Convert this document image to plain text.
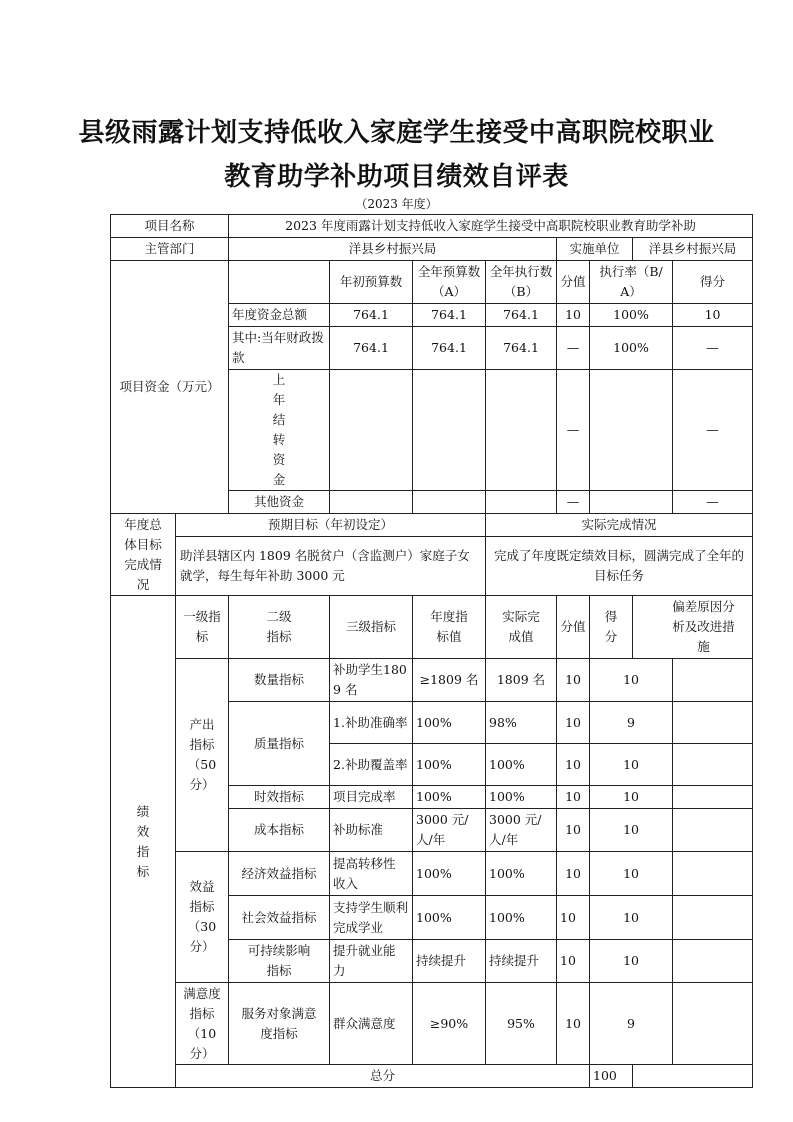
县级雨露计划支持低收入家庭学生接受中高职院校职业
教育助学补助项目绩效自评表
（2023 年度）
项目名称		2023 年度雨露计划支持低收入家庭学生接受中高职院校职业教育助学补助								
主管部门		洋县乡村振兴局				实施单位		洋县乡村振兴局		
项目资金（万元）			年初预算数	全年预算数（A）	全年执行数（B）	分值	执行率（B/A）		得分	
		年度资金总额	764.1	764.1	764.1	10	100%		10	
		其中:当年财政拨款	764.1	764.1	764.1	—	100%		—	
		上年结转资金				—			—	
		其他资金				—			—	
年度总体目标完成情况	预期目标（年初设定）				实际完成情况					
	助洋县辖区内 1809 名脱贫户（含监测户）家庭子女就学，每生每年补助 3000 元				完成了年度既定绩效目标，圆满完成了全年的目标任务					
绩效指标	一级指标	二级指标	三级指标	年度指标值	实际完成值	分值	得分	偏差原因分析及改进措施		
	产出指标（50分）	数量指标	补助学生1809 名	≥1809 名	1809 名	10	10			
		质量指标	1.补助准确率	100%	98%	10	9			
			2.补助覆盖率	100%	100%	10	10			
		时效指标	项目完成率	100%	100%	10	10			
		成本指标	补助标准	3000 元/人/年	3000 元/人/年	10	10			
	效益指标（30分）	经济效益指标	提高转移性收入	100%	100%	10	10			
		社会效益指标	支持学生顺利完成学业	100%	100%	10	10			
		可持续影响指标	提升就业能力	持续提升	持续提升	10	10			
	满意度指标（10分）	服务对象满意度指标	群众满意度	≥90%	95%	10	9			
	总分						100			
